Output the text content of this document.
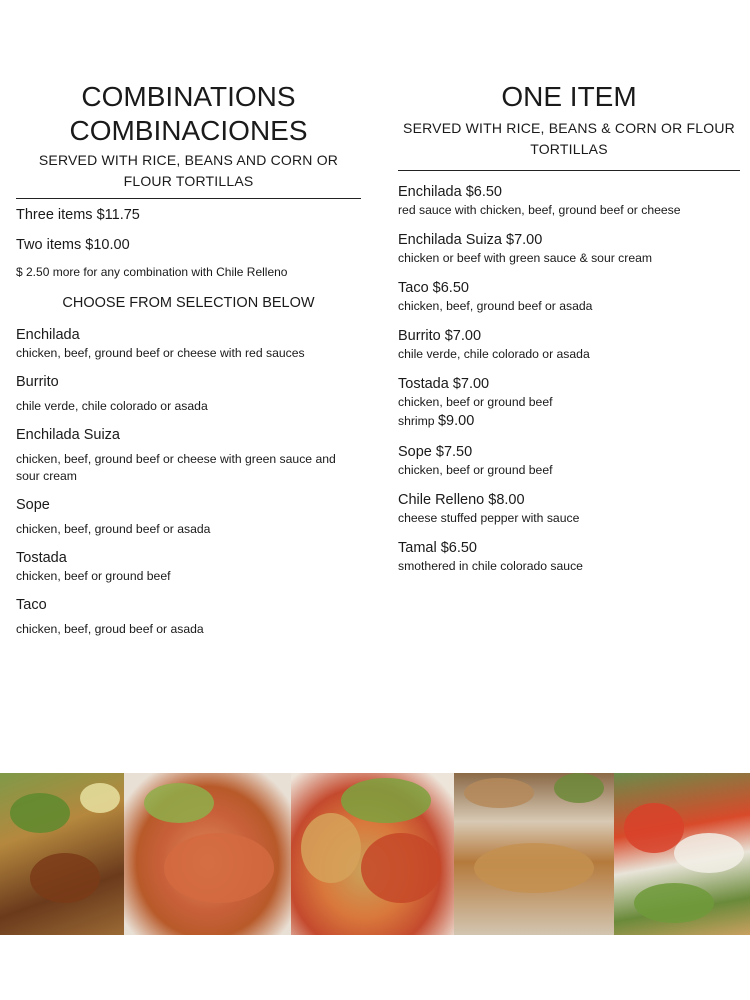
COMBINATIONS
COMBINACIONES
SERVED WITH RICE, BEANS AND CORN OR FLOUR TORTILLAS
Three items $11.75
Two items $10.00
$ 2.50 more for any combination with Chile Relleno
CHOOSE FROM SELECTION BELOW
Enchilada
chicken, beef, ground beef or cheese with red sauces
Burrito
chile verde, chile colorado or asada
Enchilada Suiza
chicken, beef, ground beef or cheese with green sauce and sour cream
Sope
chicken, beef, ground beef or asada
Tostada
chicken, beef or ground beef
Taco
chicken, beef, groud beef or asada
ONE ITEM
SERVED WITH RICE, BEANS & CORN OR FLOUR TORTILLAS
Enchilada $6.50
red sauce with chicken, beef, ground beef or cheese
Enchilada Suiza $7.00
chicken or beef with green sauce & sour cream
Taco $6.50
chicken, beef, ground beef or asada
Burrito $7.00
chile verde, chile colorado or asada
Tostada $7.00
chicken, beef or ground beef
shrimp $9.00
Sope $7.50
chicken, beef or ground beef
Chile Relleno $8.00
cheese stuffed pepper with sauce
Tamal $6.50
smothered in chile colorado sauce
